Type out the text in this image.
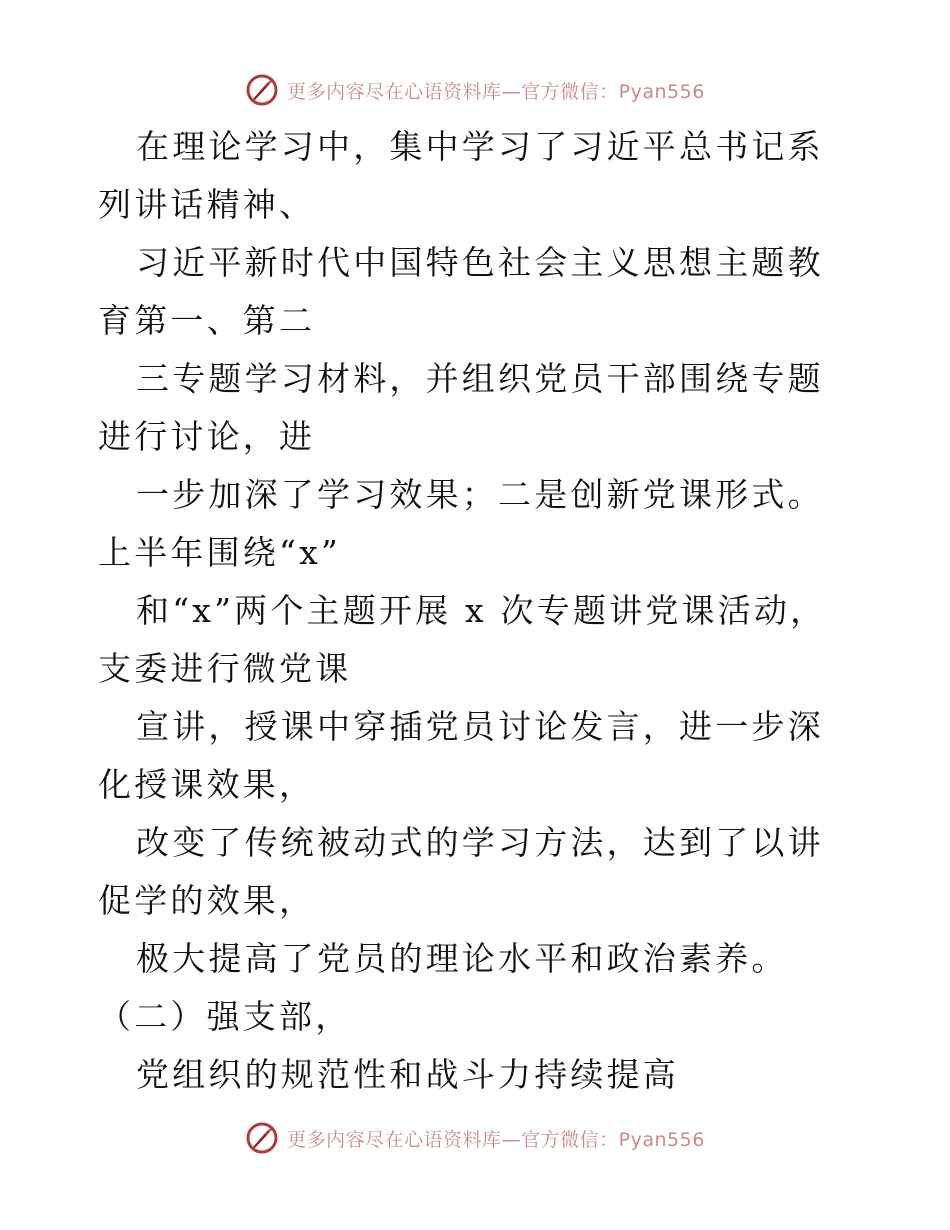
更多内容尽在心语资料库—官方微信：Pyan556

在理论学习中，集中学习了习近平总书记系列讲话精神、

习近平新时代中国特色社会主义思想主题教育第一、第二

三专题学习材料，并组织党员干部围绕专题进行讨论，进

一步加深了学习效果；二是创新党课形式。上半年围绕“x”

和“x”两个主题开展 x 次专题讲党课活动，支委进行微党课

宣讲，授课中穿插党员讨论发言，进一步深化授课效果，

改变了传统被动式的学习方法，达到了以讲促学的效果，

极大提高了党员的理论水平和政治素养。（二）强支部，

党组织的规范性和战斗力持续提高

更多内容尽在心语资料库—官方微信：Pyan556
